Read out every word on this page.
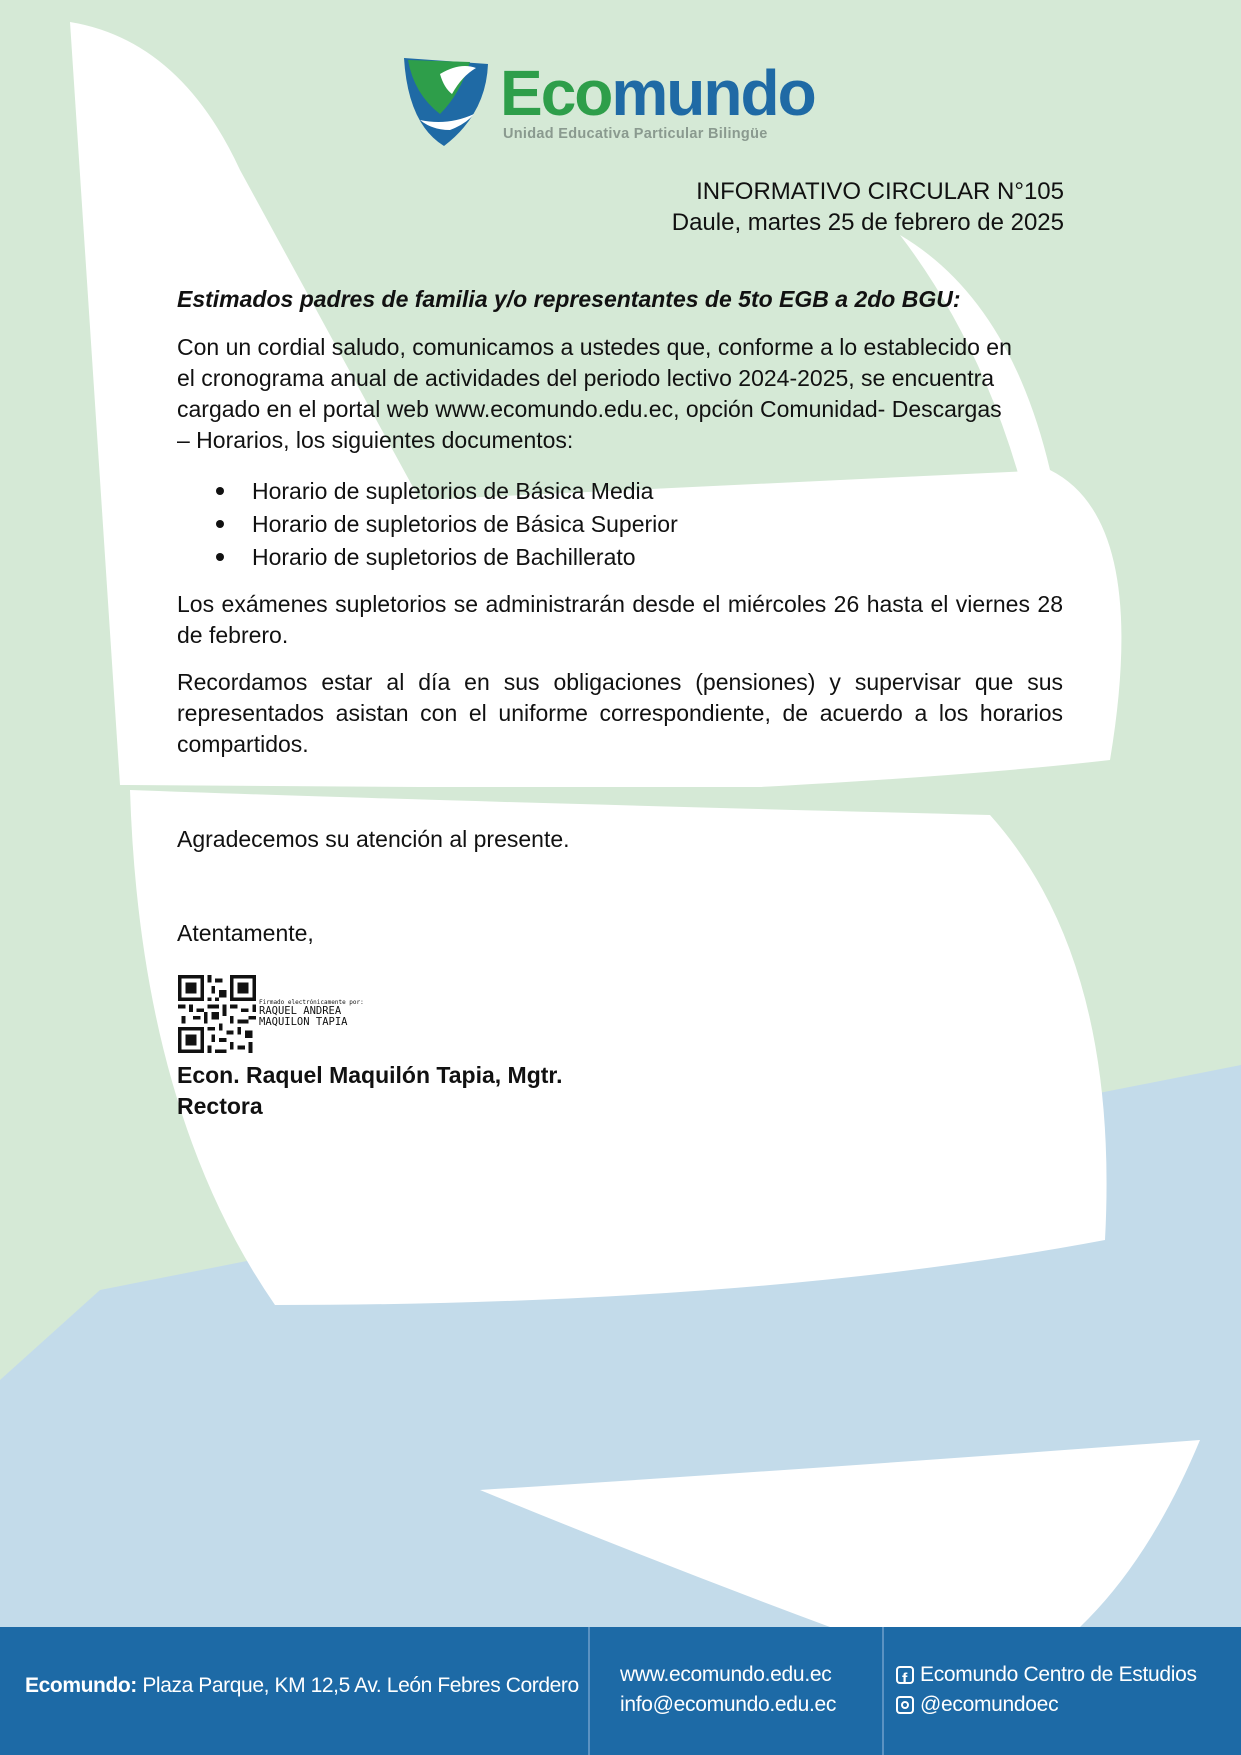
Ecomundo
Unidad Educativa Particular Bilingüe
INFORMATIVO CIRCULAR N°105
Daule, martes 25 de febrero de 2025
Estimados padres de familia y/o representantes de 5to EGB a 2do BGU:
Con un cordial saludo, comunicamos a ustedes que, conforme a lo establecido en
el cronograma anual de actividades del periodo lectivo 2024-2025, se encuentra
cargado en el portal web www.ecomundo.edu.ec, opción Comunidad- Descargas
– Horarios, los siguientes documentos:
Horario de supletorios de Básica Media
Horario de supletorios de Básica Superior
Horario de supletorios de Bachillerato
Los exámenes supletorios se administrarán desde el miércoles 26 hasta el viernes 28 de febrero.
Recordamos estar al día en sus obligaciones (pensiones) y supervisar que sus representados asistan con el uniforme correspondiente, de acuerdo a los horarios compartidos.
Agradecemos su atención al presente.
Atentamente,
Firmado electrónicamente por:
RAQUEL ANDREA
MAQUILON TAPIA
Econ. Raquel Maquilón Tapia, Mgtr.
Rectora
Ecomundo: Plaza Parque, KM 12,5 Av. León Febres Cordero www.ecomundo.edu.ec
info@ecomundo.edu.ec
f Ecomundo Centro de Estudios
@ecomundoec
